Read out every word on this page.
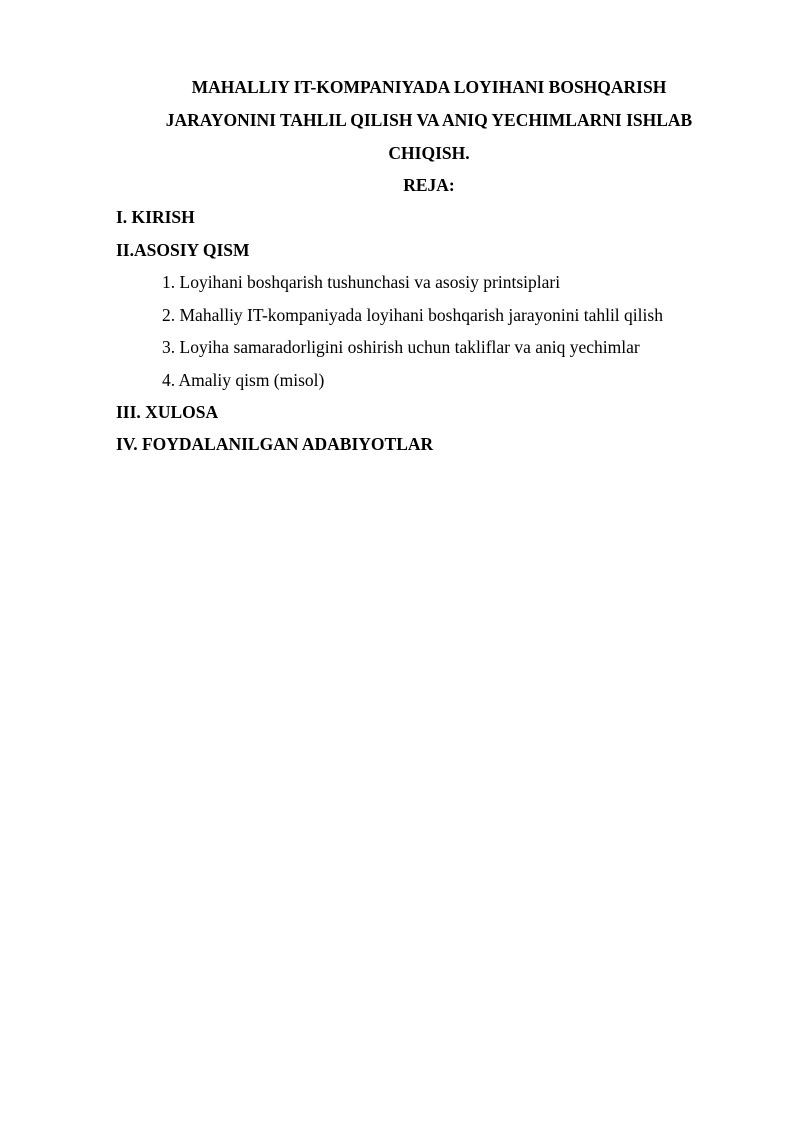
MAHALLIY IT-KOMPANIYADA LOYIHANI BOSHQARISH
JARAYONINI TAHLIL QILISH VA ANIQ YECHIMLARNI ISHLAB
CHIQISH.
REJA:
I. KIRISH
II.ASOSIY QISM
1. Loyihani boshqarish tushunchasi va asosiy printsiplari
2. Mahalliy IT-kompaniyada loyihani boshqarish jarayonini tahlil qilish
3. Loyiha samaradorligini oshirish uchun takliflar va aniq yechimlar
4. Amaliy qism (misol)
III. XULOSA
IV. FOYDALANILGAN ADABIYOTLAR
